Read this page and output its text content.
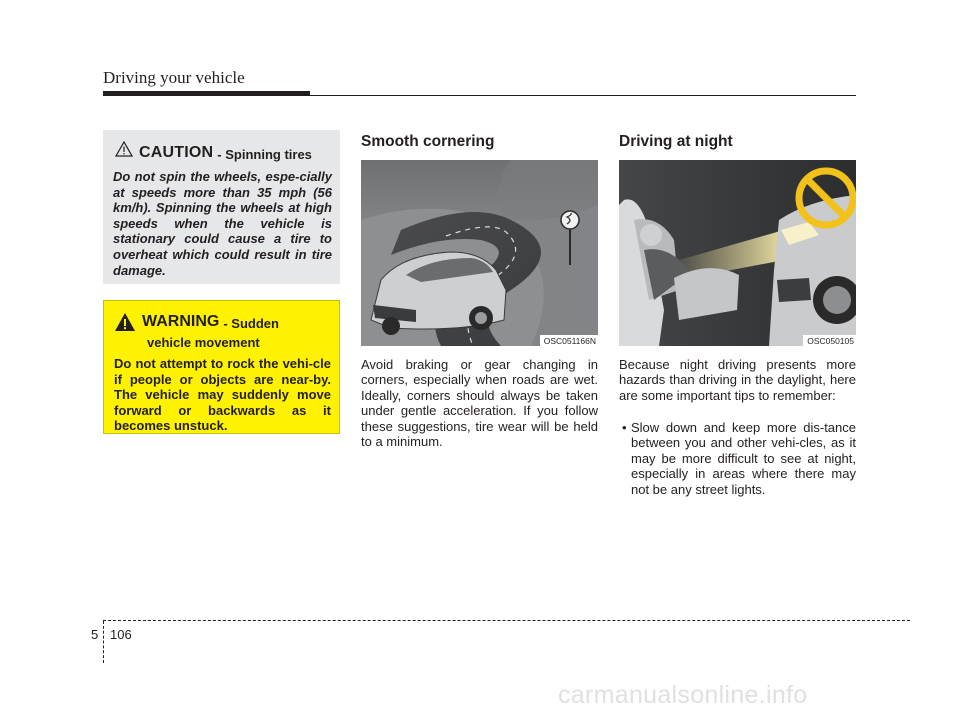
Driving your vehicle
CAUTION - Spinning tires
Do not spin the wheels, espe-cially at speeds more than 35 mph (56 km/h). Spinning the wheels at high speeds when the vehicle is stationary could cause a tire to overheat which could result in tire damage.
WARNING - Sudden
vehicle movement
Do not attempt to rock the vehi-cle if people or objects are near-by. The vehicle may suddenly move forward or backwards as it becomes unstuck.
Smooth cornering
OSC051166N
Avoid braking or gear changing in corners, especially when roads are wet. Ideally, corners should always be taken under gentle acceleration. If you follow these suggestions, tire wear will be held to a minimum.
Driving at night
OSC050105
Because night driving presents more hazards than driving in the daylight, here are some important tips to remember:
• Slow down and keep more dis-tance between you and other vehi-cles, as it may be more difficult to see at night, especially in areas where there may not be any street lights.
5 106
carmanualsonline.info
